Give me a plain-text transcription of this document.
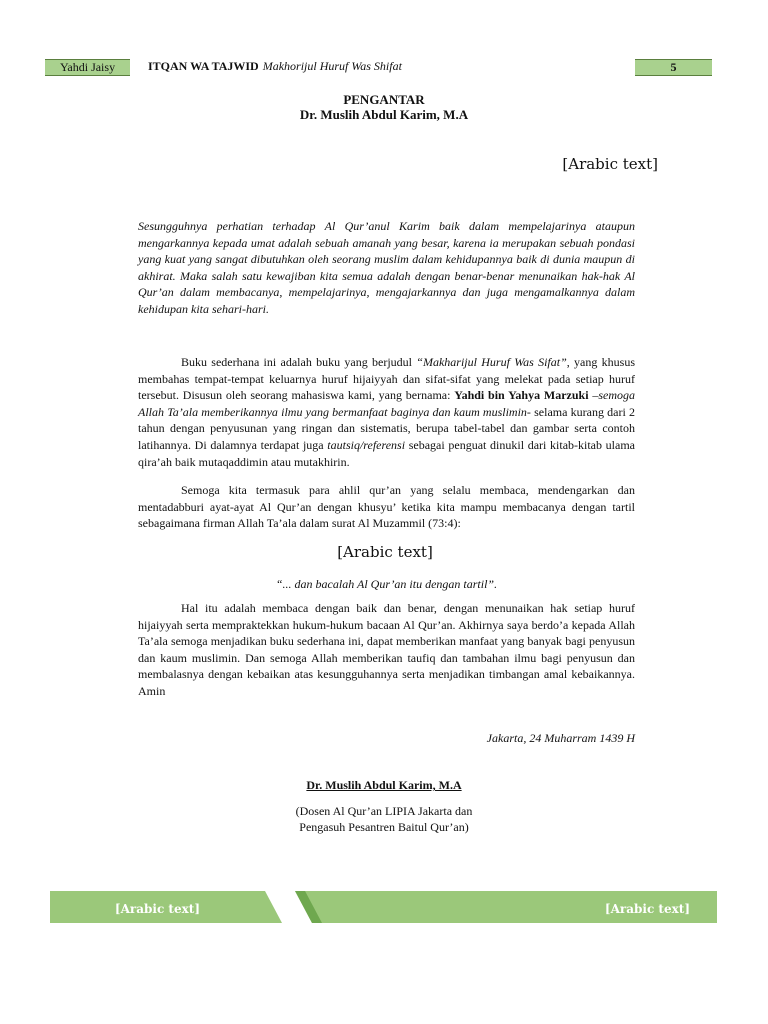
Yahdi Jaisy	ITQAN WA TAJWID Makhorijul Huruf Was Shifat	5
PENGANTAR
Dr. Muslih Abdul Karim, M.A
[Arabic text]

Sesungguhnya perhatian terhadap Al Qur’anul Karim baik dalam mempelajarinya ataupun mengarkannya kepada umat adalah sebuah amanah yang besar, karena ia merupakan sebuah pondasi yang kuat yang sangat dibutuhkan oleh seorang muslim dalam kehidupannya baik di dunia maupun di akhirat. Maka salah satu kewajiban kita semua adalah dengan benar-benar menunaikan hak-hak Al Qur’an dalam membacanya, mempelajarinya, mengajarkannya dan juga mengamalkannya dalam kehidupan kita sehari-hari.

Buku sederhana ini adalah buku yang berjudul “Makharijul Huruf Was Sifat”, yang khusus membahas tempat-tempat keluarnya huruf hijaiyyah dan sifat-sifat yang melekat pada setiap huruf tersebut. Disusun oleh seorang mahasiswa kami, yang bernama: Yahdi bin Yahya Marzuki –semoga Allah Ta’ala memberikannya ilmu yang bermanfaat baginya dan kaum muslimin- selama kurang dari 2 tahun dengan penyusunan yang ringan dan sistematis, berupa tabel-tabel dan gambar serta contoh latihannya. Di dalamnya terdapat juga tautsiq/referensi sebagai penguat dinukil dari kitab-kitab ulama qira’ah baik mutaqaddimin atau mutakhirin.

Semoga kita termasuk para ahlil qur’an yang selalu membaca, mendengarkan dan mentadabburi ayat-ayat Al Qur’an dengan khusyu’ ketika kita mampu membacanya dengan tartil sebagaimana firman Allah Ta’ala dalam surat Al Muzammil (73:4):

[Arabic text]
“... dan bacalah Al Qur’an itu dengan tartil”.

Hal itu adalah membaca dengan baik dan benar, dengan menunaikan hak setiap huruf hijaiyyah serta mempraktekkan hukum-hukum bacaan Al Qur’an. Akhirnya saya berdo’a kepada Allah Ta’ala semoga menjadikan buku sederhana ini, dapat memberikan manfaat yang banyak bagi penyusun dan kaum muslimin. Dan semoga Allah memberikan taufiq dan tambahan ilmu bagi penyusun dan membalasnya dengan kebaikan atas kesungguhannya serta menjadikan timbangan amal kebaikannya. Amin

Jakarta, 24 Muharram 1439 H
Dr. Muslih Abdul Karim, M.A
(Dosen Al Qur’an LIPIA Jakarta dan
Pengasuh Pesantren Baitul Qur’an)
[Arabic text]	[Arabic text]
